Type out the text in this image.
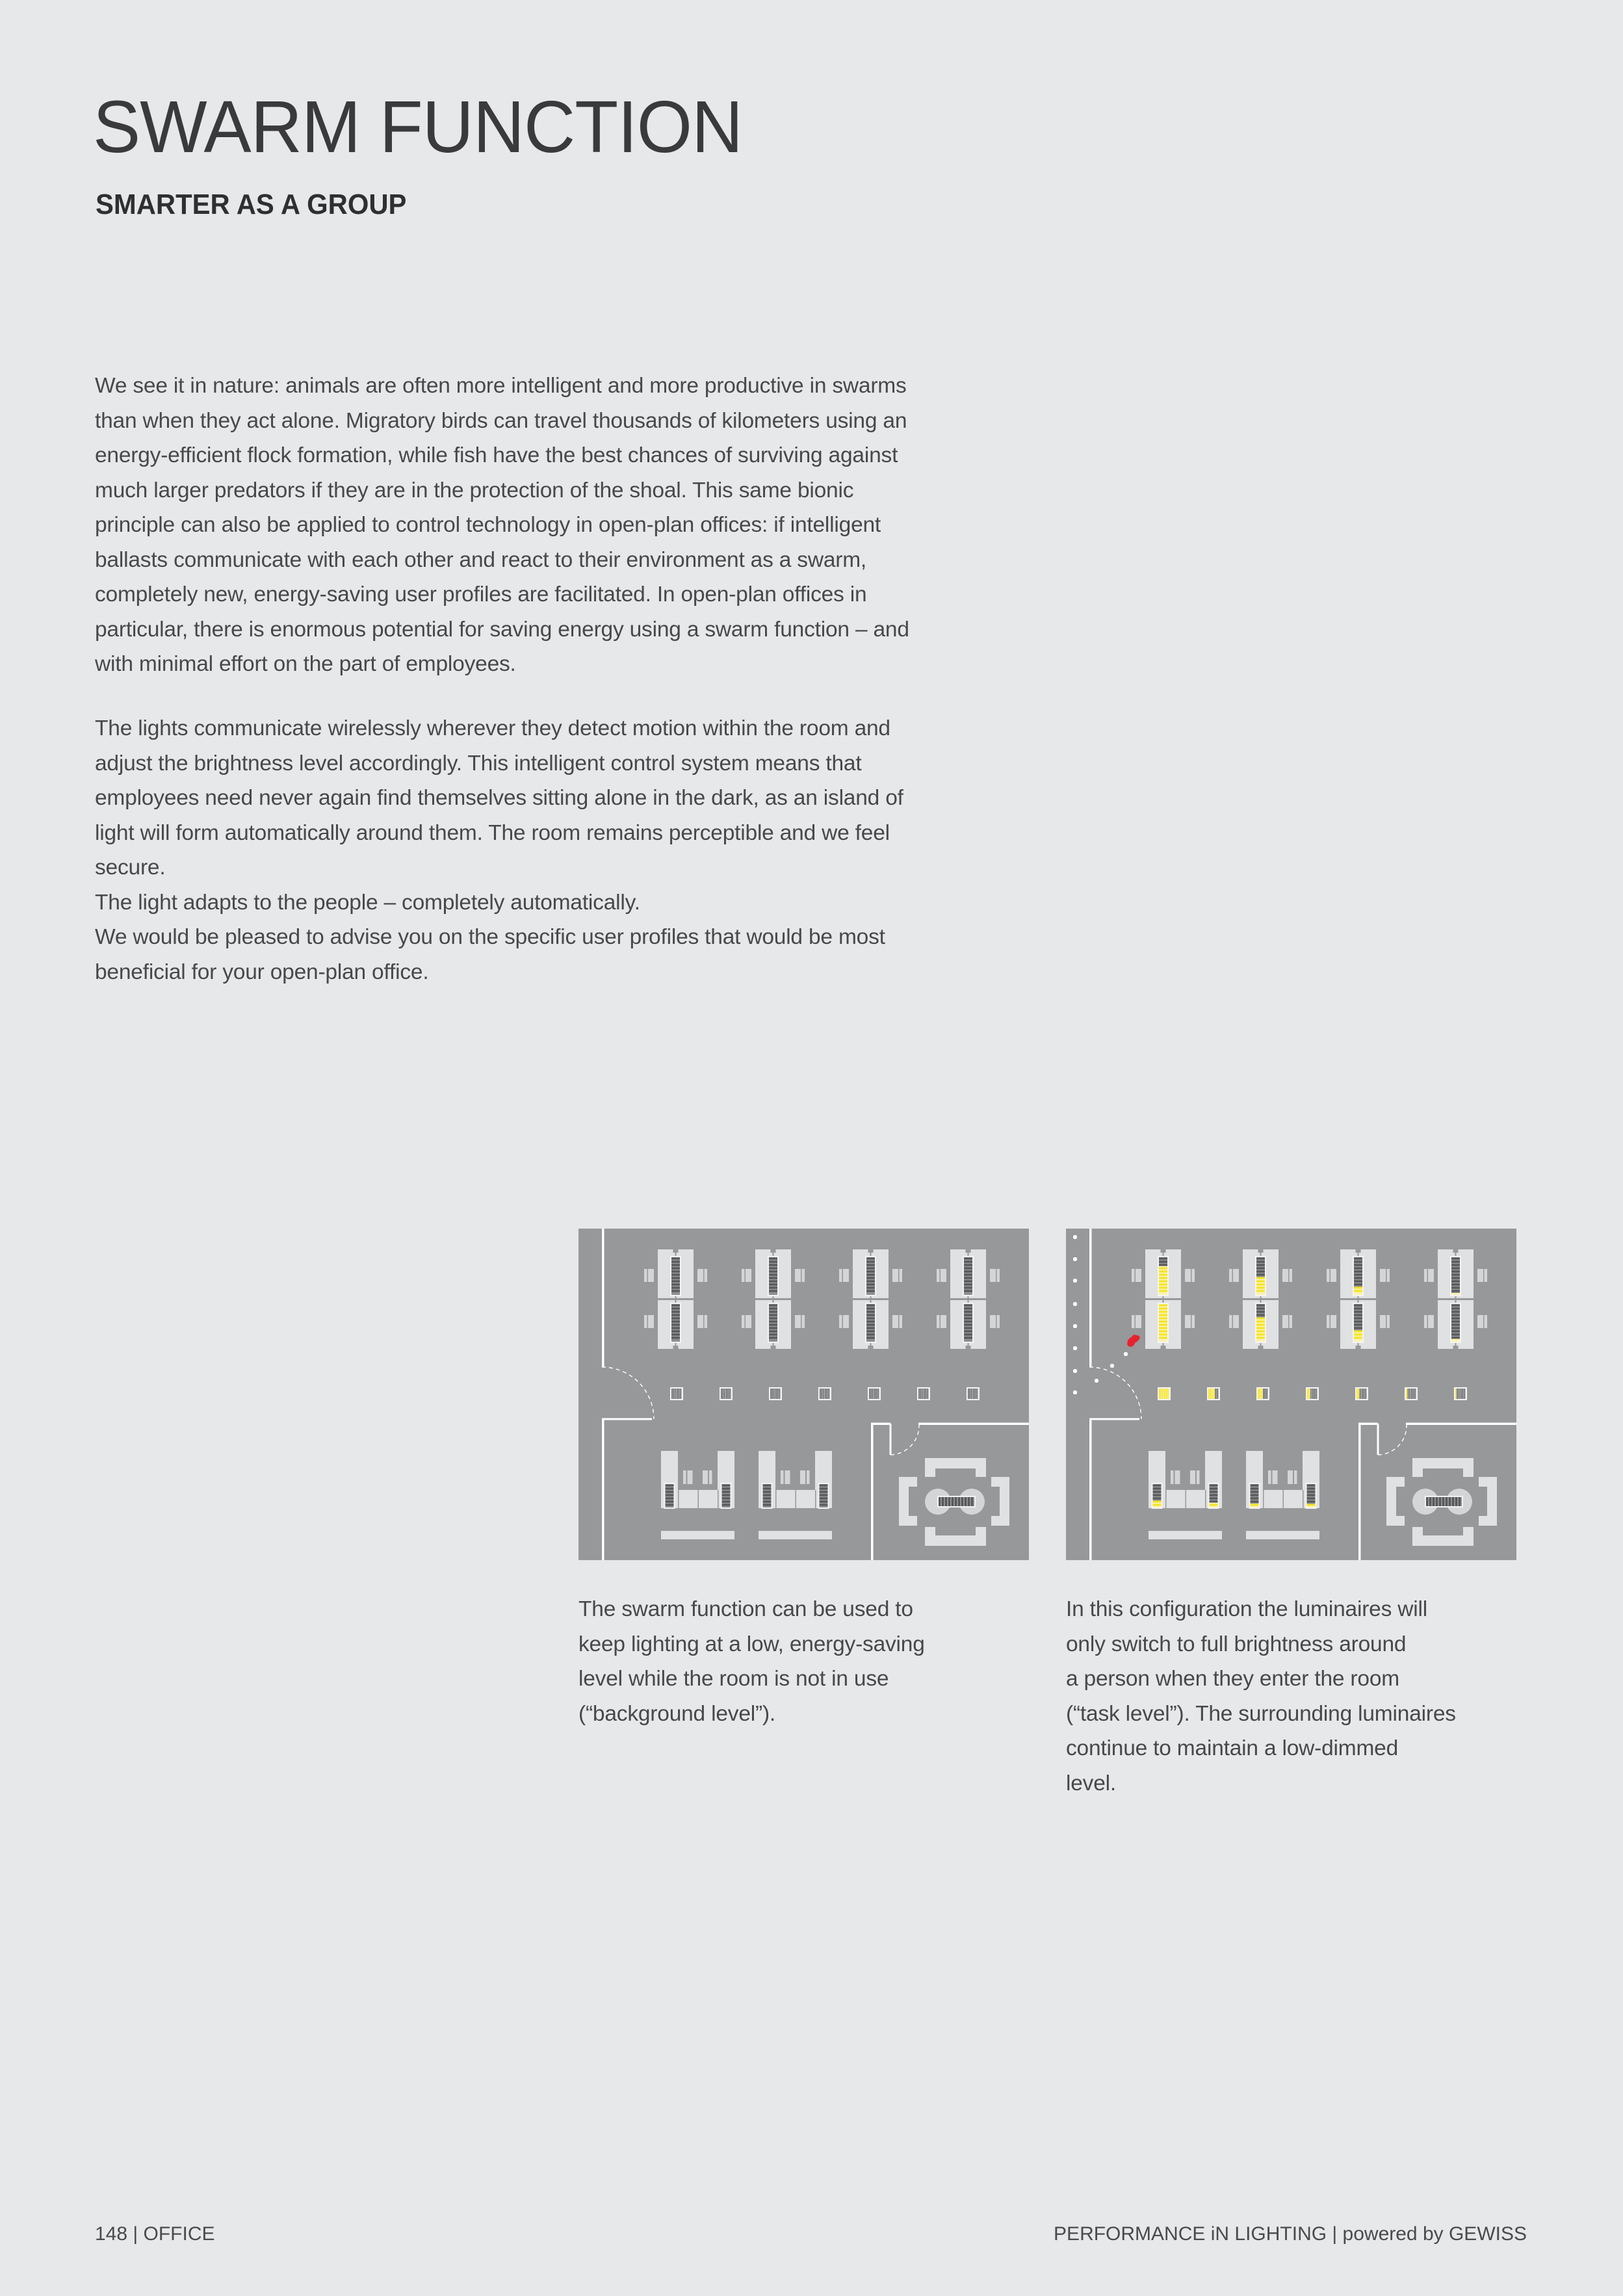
SWARM FUNCTION
SMARTER AS A GROUP
We see it in nature: animals are often more intelligent and more productive in swarms
than when they act alone. Migratory birds can travel thousands of kilometers using an
energy-efficient flock formation, while fish have the best chances of surviving against
much larger predators if they are in the protection of the shoal. This same bionic
principle can also be applied to control technology in open-plan offices: if intelligent
ballasts communicate with each other and react to their environment as a swarm,
completely new, energy-saving user profiles are facilitated. In open-plan offices in
particular, there is enormous potential for saving energy using a swarm function – and
with minimal effort on the part of employees.
The lights communicate wirelessly wherever they detect motion within the room and
adjust the brightness level accordingly. This intelligent control system means that
employees need never again find themselves sitting alone in the dark, as an island of
light will form automatically around them. The room remains perceptible and we feel
secure.
The light adapts to the people – completely automatically.
We would be pleased to advise you on the specific user profiles that would be most
beneficial for your open-plan office.
The swarm function can be used to
keep lighting at a low, energy-saving
level while the room is not in use
(“background level”).
In this configuration the luminaires will
only switch to full brightness around
a person when they enter the room
(“task level”). The surrounding luminaires
continue to maintain a low-dimmed
level.
148 | OFFICE	PERFORMANCE iN LIGHTING | powered by GEWISS
